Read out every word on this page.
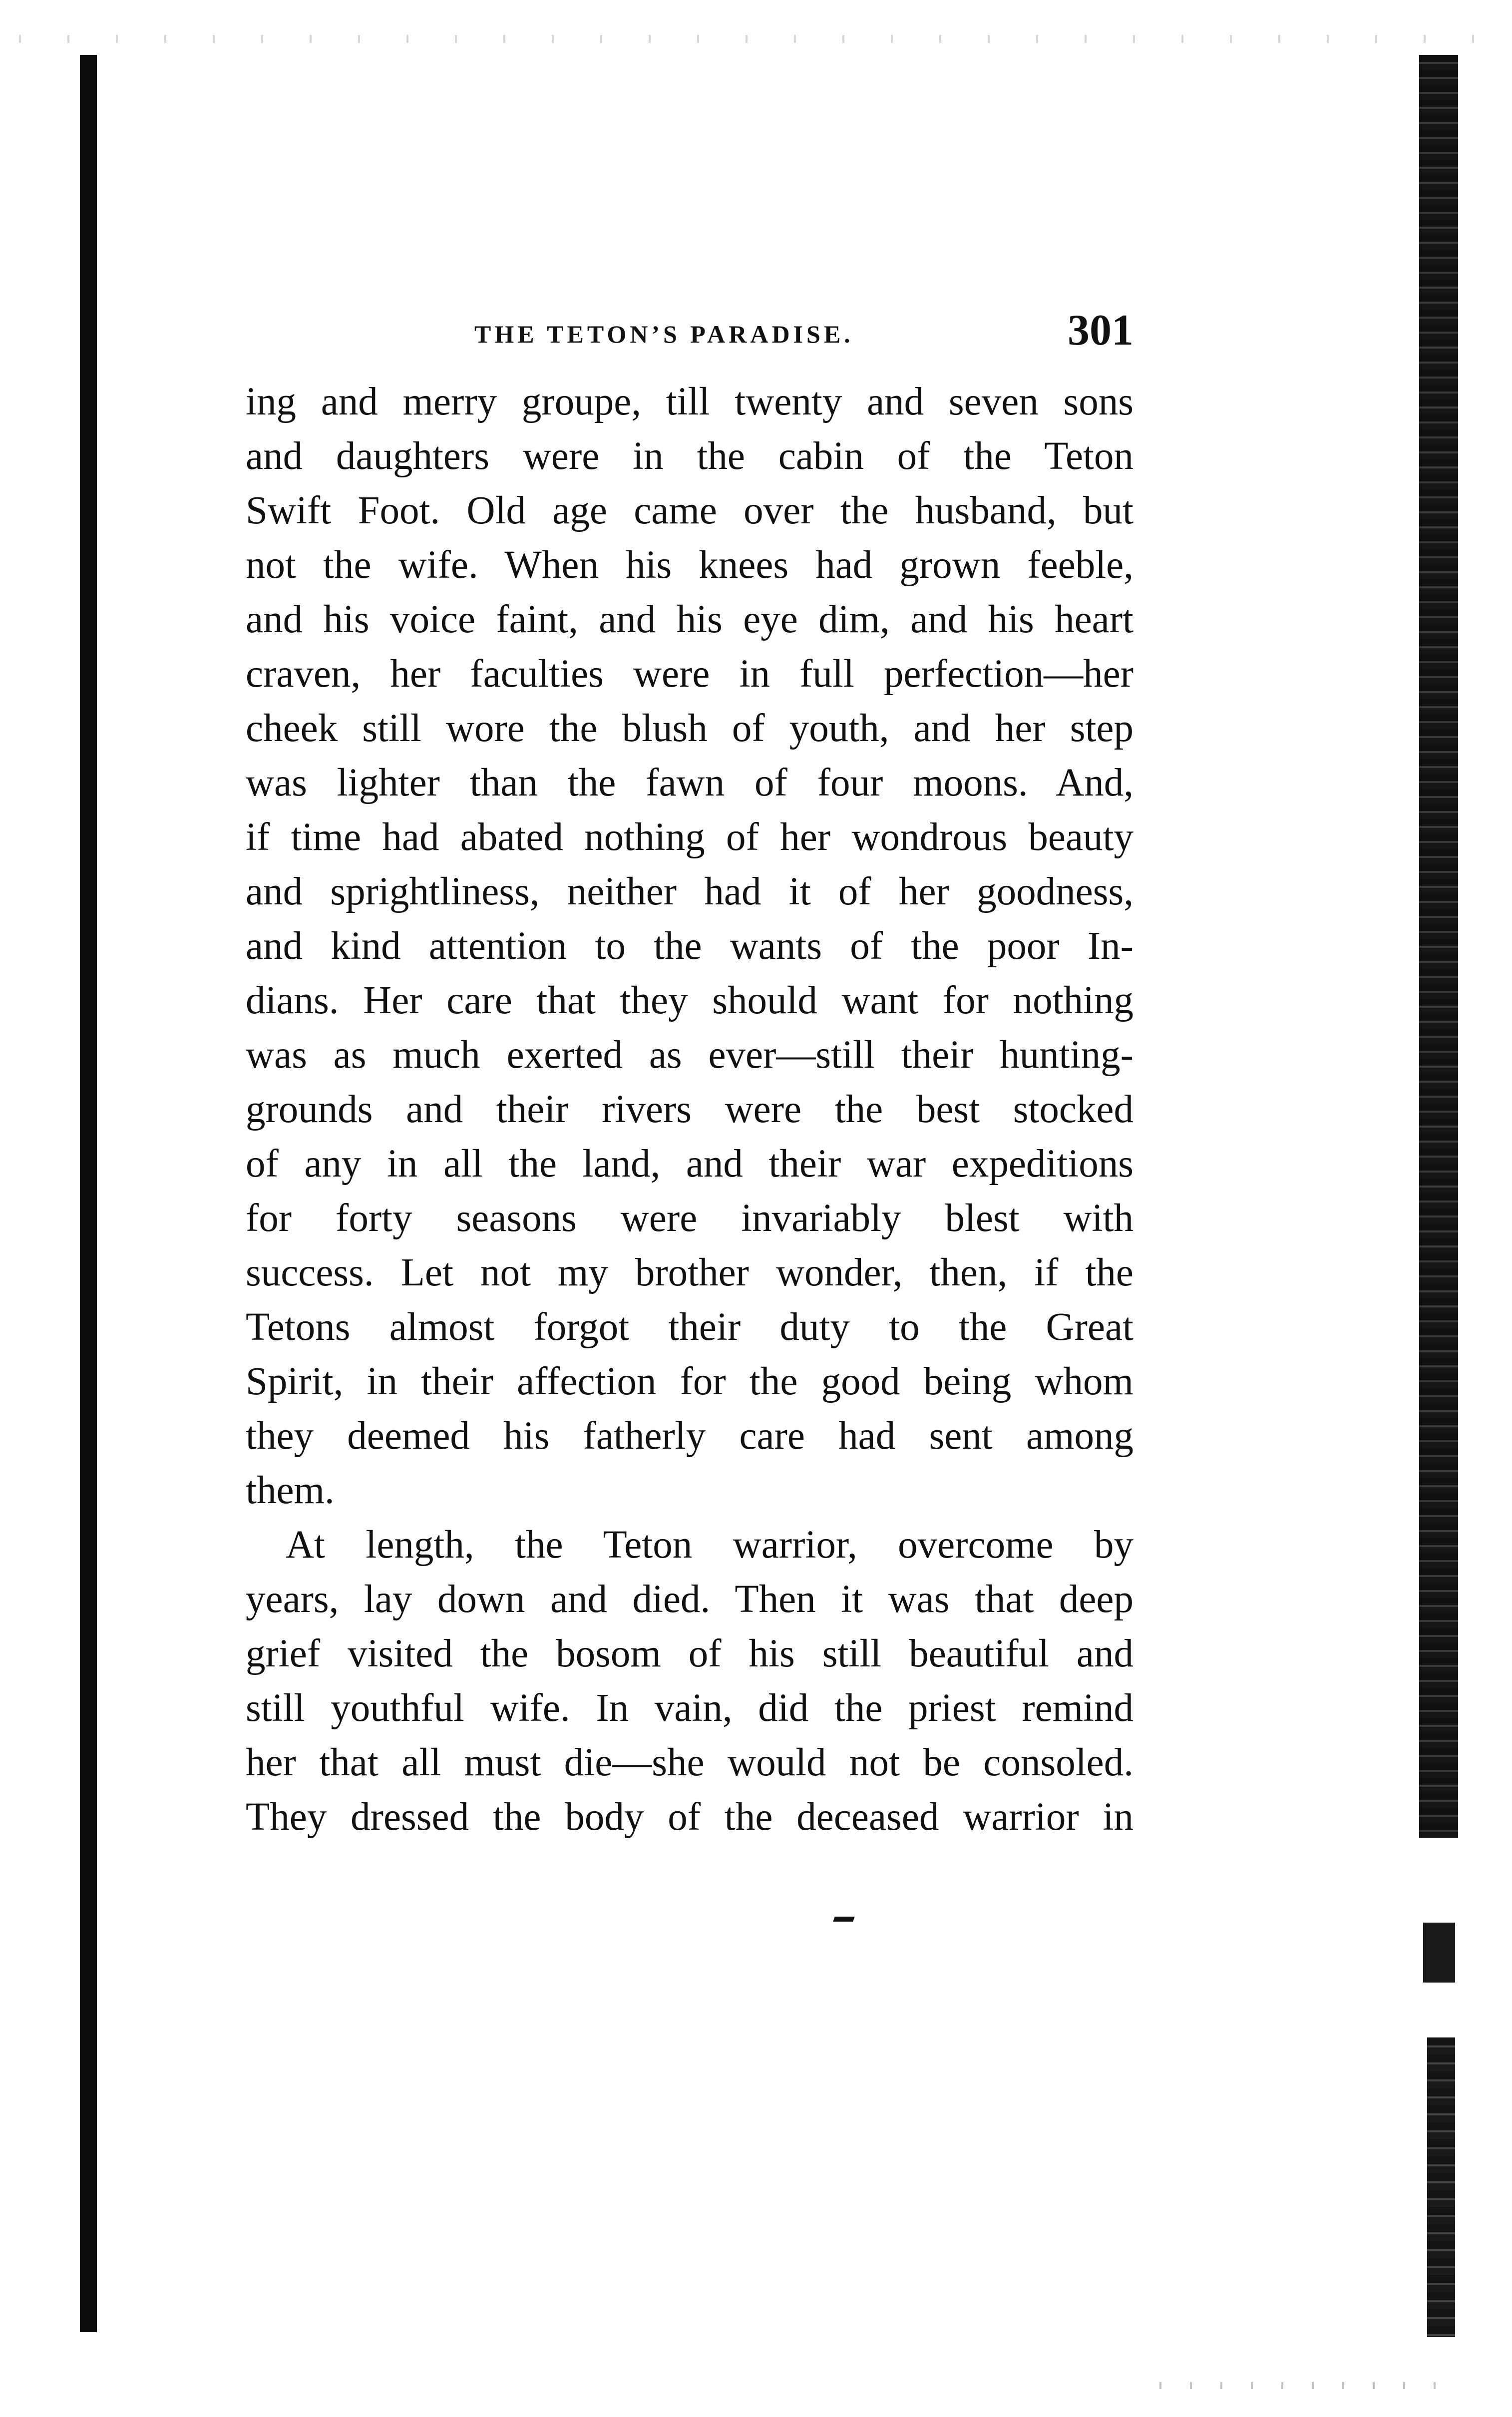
THE TETON’S PARADISE.	301
ing and merry groupe, till twenty and seven sons
and daughters were in the cabin of the Teton
Swift Foot. Old age came over the husband, but
not the wife. When his knees had grown feeble,
and his voice faint, and his eye dim, and his heart
craven, her faculties were in full perfection—her
cheek still wore the blush of youth, and her step
was lighter than the fawn of four moons. And,
if time had abated nothing of her wondrous beauty
and sprightliness, neither had it of her goodness,
and kind attention to the wants of the poor In-
dians. Her care that they should want for nothing
was as much exerted as ever—still their hunting-
grounds and their rivers were the best stocked
of any in all the land, and their war expeditions
for forty seasons were invariably blest with
success. Let not my brother wonder, then, if the
Tetons almost forgot their duty to the Great
Spirit, in their affection for the good being whom
they deemed his fatherly care had sent among
them.
At length, the Teton warrior, overcome by
years, lay down and died. Then it was that deep
grief visited the bosom of his still beautiful and
still youthful wife. In vain, did the priest remind
her that all must die—she would not be consoled.
They dressed the body of the deceased warrior in
